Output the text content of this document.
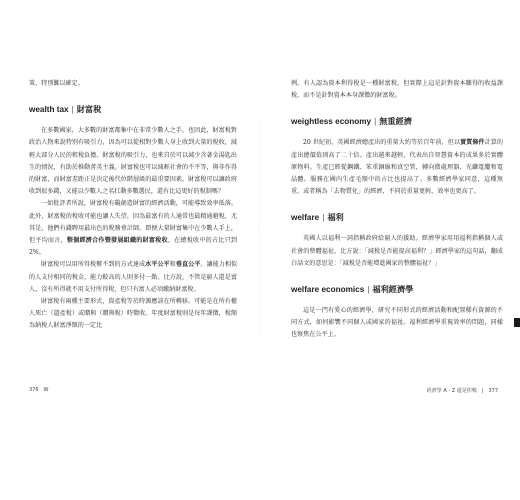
策，特別難以確定。

wealth tax | 財富稅

在多數國家，大多數的財富都集中在非常少數人之手，也因此，財富稅對政治人物來說特別有吸引力，因為可以從相對少數人身上收到大量的稅收，減輕大部分人民的租稅負擔。財富稅的吸引力，也來自於可以減少含著金湯匙出生的情況，有助於推動菁英主義。財富稅也可以減輕社會的不平等，與非作得的財富，而財富差距正是決定後代位階層級的最重要因素。財富稅可以讓政府收到很多錢，又能以少數人之名扛動多數選民，還有比這更好的稅制嗎？

一如批評者所說，財富稅有礙創造財富的經濟活動，可能導致效率低落。此外，財富稅的稅收可能也讓人失望，因為最富有的人通常也最精通避稅，尤其是，他們有錢聘用最出色的稅務會計師。即便大量財富集中在少數人手上，但平均而言，整個經濟合作暨發展組織的財富稅收，在總稅收中的占比只到2%。

財富稅可以用所得稅辦不到的方式達成水平公平和垂直公平。讓能力相似的人支付相同的稅金，能力較高的人則多付一點。比方說，不管是窮人還是富人，沒有所得就不用支付所得稅，但只有富人必須繳納財富稅。

財富稅有兩種主要形式，資產稅等於時源應該在所轉移。可能是在所有權人死亡（遺產稅）或贈與（贈與稅）時徵收。年度財富稅則是每年課徵，稅額為納稅人財富淨額的一定比

376 W

例。有人認為資本利得稅是一種財富稅，但實際上這是針對資本賺得的收益課稅，而不是針對資本本身課徵的財富稅。

weightless economy | 無重經濟

20 世紀初，英國經濟總產出的重量大約等於百年前，但以實質條件計算的產出總價值則高了二十倍。產出越來越輕，代表出自智慧資本的成果多於實體原物料。生產已經從鋼鐵、笨重銅線和真空管，轉向微處理器、光纖電纜和電晶體。服務在國內生產毛額中的占比也提高了。多數經濟學家同意，這種無重，或者稱為「去物質化」的經濟，不同於重量更輕、效率也更高了。

welfare | 福利

英國人以福利一詞指稱政府給窮人的援助。經濟學家用用福利指稱個人或社會的整體福祉，比方說：「減稅是否能提高福利？」經濟學家的這句話，翻成白話文的意思是：「減稅是否能增進國家的整體福祉？」

welfare economics | 福利經濟學

這是一門有愛心的經濟學，研究不同形式的經濟活動和配置稀有資源的不同方式，如何影響不同個人或國家的福祉。福利經濟學重視效率的問題，同樣也察焦在公平上。

經濟學 A - Z 還是你嗎 | 377
